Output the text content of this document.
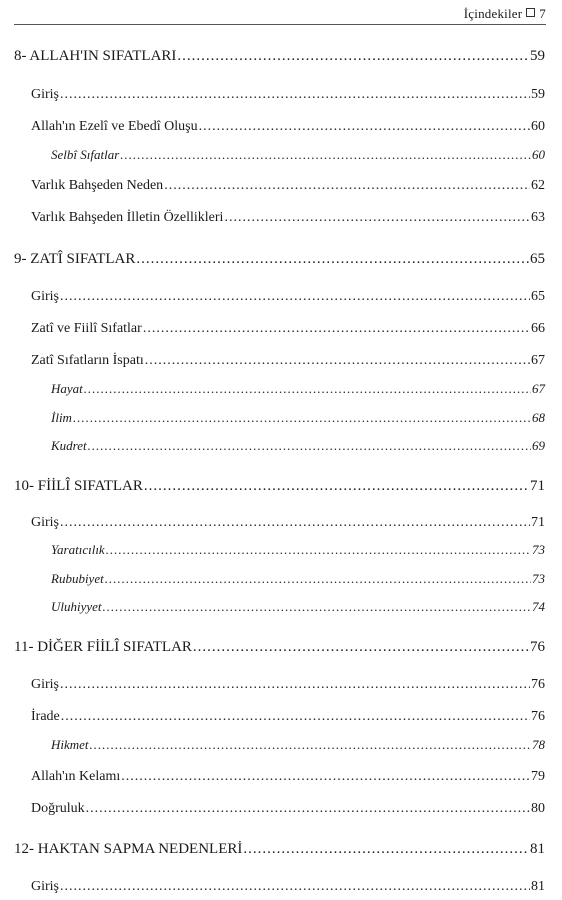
İçindekiler 7
8- ALLAH'IN SIFATLARI .....	59
Giriş .....	59
Allah'ın Ezelî ve Ebedî Oluşu .....	60
Selbî Sıfatlar .....	60
Varlık Bahşeden Neden .....	62
Varlık Bahşeden İlletin Özellikleri .....	63
9- ZATÎ SIFATLAR .....	65
Giriş .....	65
Zatî ve Fiilî Sıfatlar .....	66
Zatî Sıfatların İspatı .....	67
Hayat .....	67
İlim .....	68
Kudret .....	69
10- FİİLÎ SIFATLAR .....	71
Giriş .....	71
Yaratıcılık .....	73
Rububiyet .....	73
Uluhiyyet .....	74
11- DİĞER FİİLÎ SIFATLAR .....	76
Giriş .....	76
İrade .....	76
Hikmet .....	78
Allah'ın Kelamı .....	79
Doğruluk .....	80
12- HAKTAN SAPMA NEDENLERİ .....	81
Giriş .....	81
